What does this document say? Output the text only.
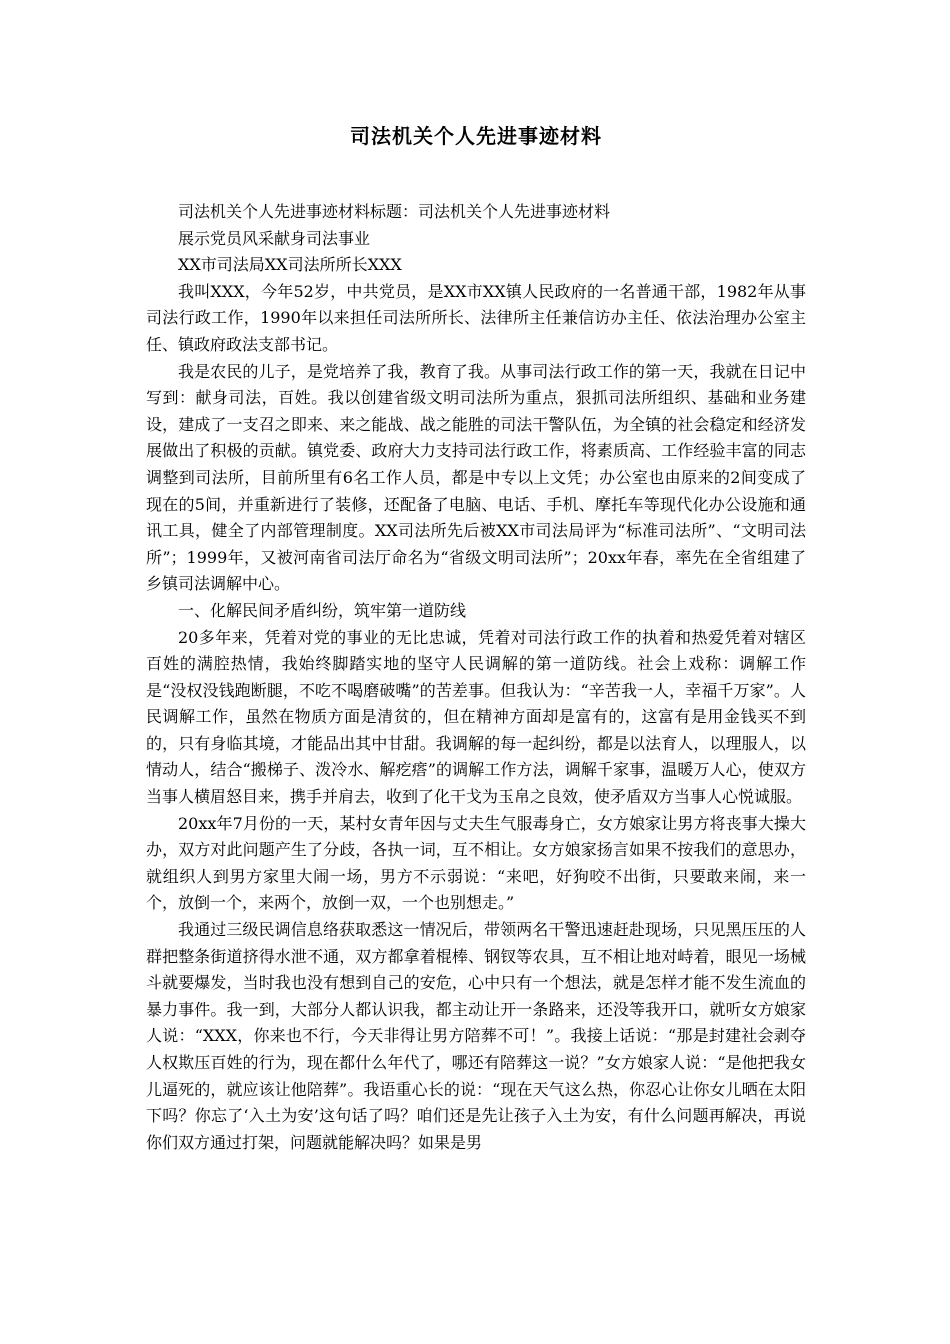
司法机关个人先进事迹材料

司法机关个人先进事迹材料标题：司法机关个人先进事迹材料

展示党员风采献身司法事业

XX市司法局XX司法所所长XXX

我叫XXX，今年52岁，中共党员，是XX市XX镇人民政府的一名普通干部，1982年从事司法行政工作，1990年以来担任司法所所长、法律所主任兼信访办主任、依法治理办公室主任、镇政府政法支部书记。

我是农民的儿子，是党培养了我，教育了我。从事司法行政工作的第一天，我就在日记中写到：献身司法，百姓。我以创建省级文明司法所为重点，狠抓司法所组织、基础和业务建设，建成了一支召之即来、来之能战、战之能胜的司法干警队伍，为全镇的社会稳定和经济发展做出了积极的贡献。镇党委、政府大力支持司法行政工作，将素质高、工作经验丰富的同志调整到司法所，目前所里有6名工作人员，都是中专以上文凭；办公室也由原来的2间变成了现在的5间，并重新进行了装修，还配备了电脑、电话、手机、摩托车等现代化办公设施和通讯工具，健全了内部管理制度。XX司法所先后被XX市司法局评为“标准司法所”、“文明司法所”；1999年，又被河南省司法厅命名为“省级文明司法所”；20xx年春，率先在全省组建了乡镇司法调解中心。

一、化解民间矛盾纠纷，筑牢第一道防线

20多年来，凭着对党的事业的无比忠诚，凭着对司法行政工作的执着和热爱凭着对辖区百姓的满腔热情，我始终脚踏实地的坚守人民调解的第一道防线。社会上戏称：调解工作是“没权没钱跑断腿，不吃不喝磨破嘴”的苦差事。但我认为：“辛苦我一人，幸福千万家”。人民调解工作，虽然在物质方面是清贫的，但在精神方面却是富有的，这富有是用金钱买不到的，只有身临其境，才能品出其中甘甜。我调解的每一起纠纷，都是以法育人，以理服人，以情动人，结合“搬梯子、泼冷水、解疙瘩”的调解工作方法，调解千家事，温暖万人心，使双方当事人横眉怒目来，携手并肩去，收到了化干戈为玉帛之良效，使矛盾双方当事人心悦诚服。

20xx年7月份的一天，某村女青年因与丈夫生气服毒身亡，女方娘家让男方将丧事大操大办，双方对此问题产生了分歧，各执一词，互不相让。女方娘家扬言如果不按我们的意思办，就组织人到男方家里大闹一场，男方不示弱说：“来吧，好狗咬不出街，只要敢来闹，来一个，放倒一个，来两个，放倒一双，一个也别想走。”

我通过三级民调信息络获取悉这一情况后，带领两名干警迅速赶赴现场，只见黑压压的人群把整条街道挤得水泄不通，双方都拿着棍棒、钢钗等农具，互不相让地对峙着，眼见一场械斗就要爆发，当时我也没有想到自己的安危，心中只有一个想法，就是怎样才能不发生流血的暴力事件。我一到，大部分人都认识我，都主动让开一条路来，还没等我开口，就听女方娘家人说：“XXX，你来也不行，今天非得让男方陪葬不可！”。我接上话说：“那是封建社会剥夺人权欺压百姓的行为，现在都什么年代了，哪还有陪葬这一说？”女方娘家人说：“是他把我女儿逼死的，就应该让他陪葬”。我语重心长的说：“现在天气这么热，你忍心让你女儿晒在太阳下吗？你忘了‘入土为安’这句话了吗？咱们还是先让孩子入土为安，有什么问题再解决，再说你们双方通过打架，问题就能解决吗？如果是男
